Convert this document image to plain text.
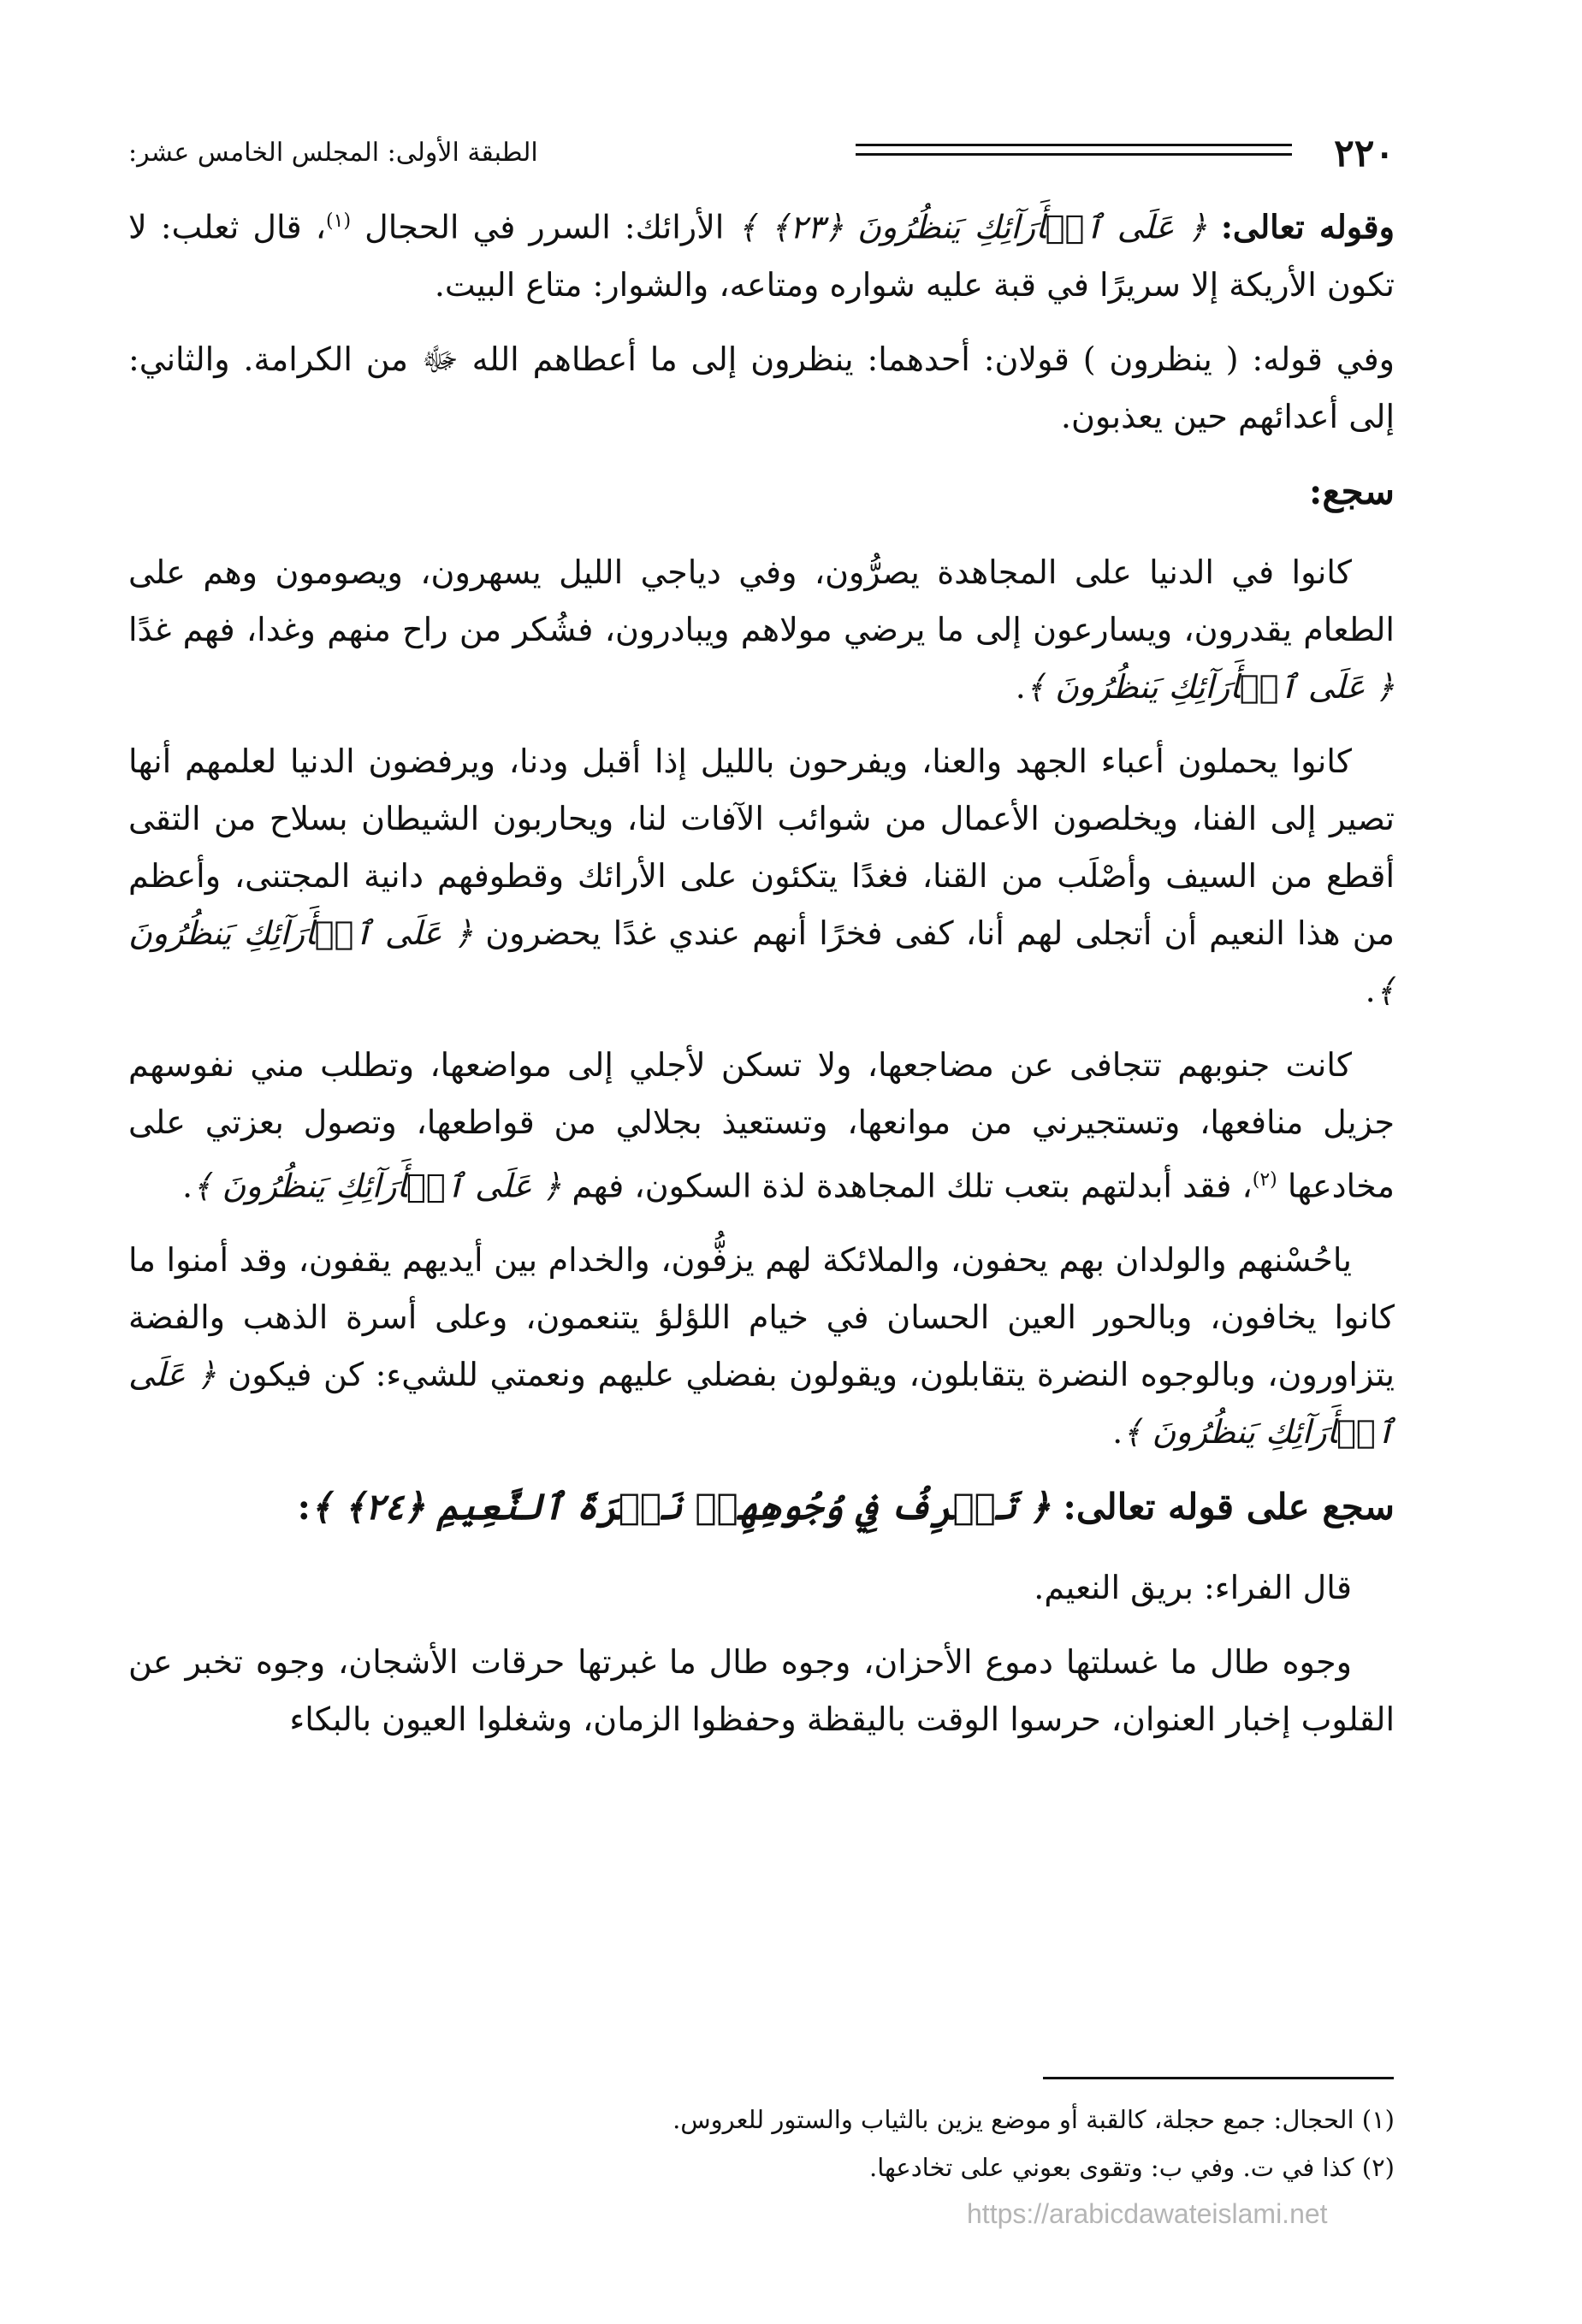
٢٢٠
الطبقة الأولى: المجلس الخامس عشر:

وقوله تعالى: ﴿ عَلَى ٱلۡأَرَآئِكِ يَنظُرُونَ ﴿٢٣﴾ ﴾ الأرائك: السرر في الحجال $^{(١)}$، قال ثعلب: لا تكون الأريكة إلا سريرًا في قبة عليه شواره ومتاعه، والشوار: متاع البيت.

وفي قوله: ( ينظرون ) قولان: أحدهما: ينظرون إلى ما أعطاهم الله ﷻ من الكرامة. والثاني: إلى أعدائهم حين يعذبون.

سجع:

كانوا في الدنيا على المجاهدة يصرُّون، وفي دياجي الليل يسهرون، ويصومون وهم على الطعام يقدرون، ويسارعون إلى ما يرضي مولاهم ويبادرون، فشُكر من راح منهم وغدا، فهم غدًا ﴿ عَلَى ٱلۡأَرَآئِكِ يَنظُرُونَ ﴾.

كانوا يحملون أعباء الجهد والعنا، ويفرحون بالليل إذا أقبل ودنا، ويرفضون الدنيا لعلمهم أنها تصير إلى الفنا، ويخلصون الأعمال من شوائب الآفات لنا، ويحاربون الشيطان بسلاح من التقى أقطع من السيف وأصْلَب من القنا، فغدًا يتكئون على الأرائك وقطوفهم دانية المجتنى، وأعظم من هذا النعيم أن أتجلى لهم أنا، كفى فخرًا أنهم عندي غدًا يحضرون ﴿ عَلَى ٱلۡأَرَآئِكِ يَنظُرُونَ ﴾.

كانت جنوبهم تتجافى عن مضاجعها، ولا تسكن لأجلي إلى مواضعها، وتطلب مني نفوسهم جزيل منافعها، وتستجيرني من موانعها، وتستعيذ بجلالي من قواطعها، وتصول بعزتي على مخادعها $^{(٢)}$، فقد أبدلتهم بتعب تلك المجاهدة لذة السكون، فهم ﴿ عَلَى ٱلۡأَرَآئِكِ يَنظُرُونَ ﴾.

ياحُسْنهم والولدان بهم يحفون، والملائكة لهم يزفُّون، والخدام بين أيديهم يقفون، وقد أمنوا ما كانوا يخافون، وبالحور العين الحسان في خيام اللؤلؤ يتنعمون، وعلى أسرة الذهب والفضة يتزاورون، وبالوجوه النضرة يتقابلون، ويقولون بفضلي عليهم ونعمتي للشيء: كن فيكون ﴿ عَلَى ٱلۡأَرَآئِكِ يَنظُرُونَ ﴾.

سجع على قوله تعالى: ﴿ تَعۡرِفُ فِي وُجُوهِهِمۡ نَضۡرَةَ ٱلنَّعِيمِ ﴿٢٤﴾ ﴾:

قال الفراء: بريق النعيم.

وجوه طال ما غسلتها دموع الأحزان، وجوه طال ما غبرتها حرقات الأشجان، وجوه تخبر عن القلوب إخبار العنوان، حرسوا الوقت باليقظة وحفظوا الزمان، وشغلوا العيون بالبكاء

(١) الحجال: جمع حجلة، كالقبة أو موضع يزين بالثياب والستور للعروس.

(٢) كذا في ت. وفي ب: وتقوى بعوني على تخادعها.

https://arabicdawateislami.net
